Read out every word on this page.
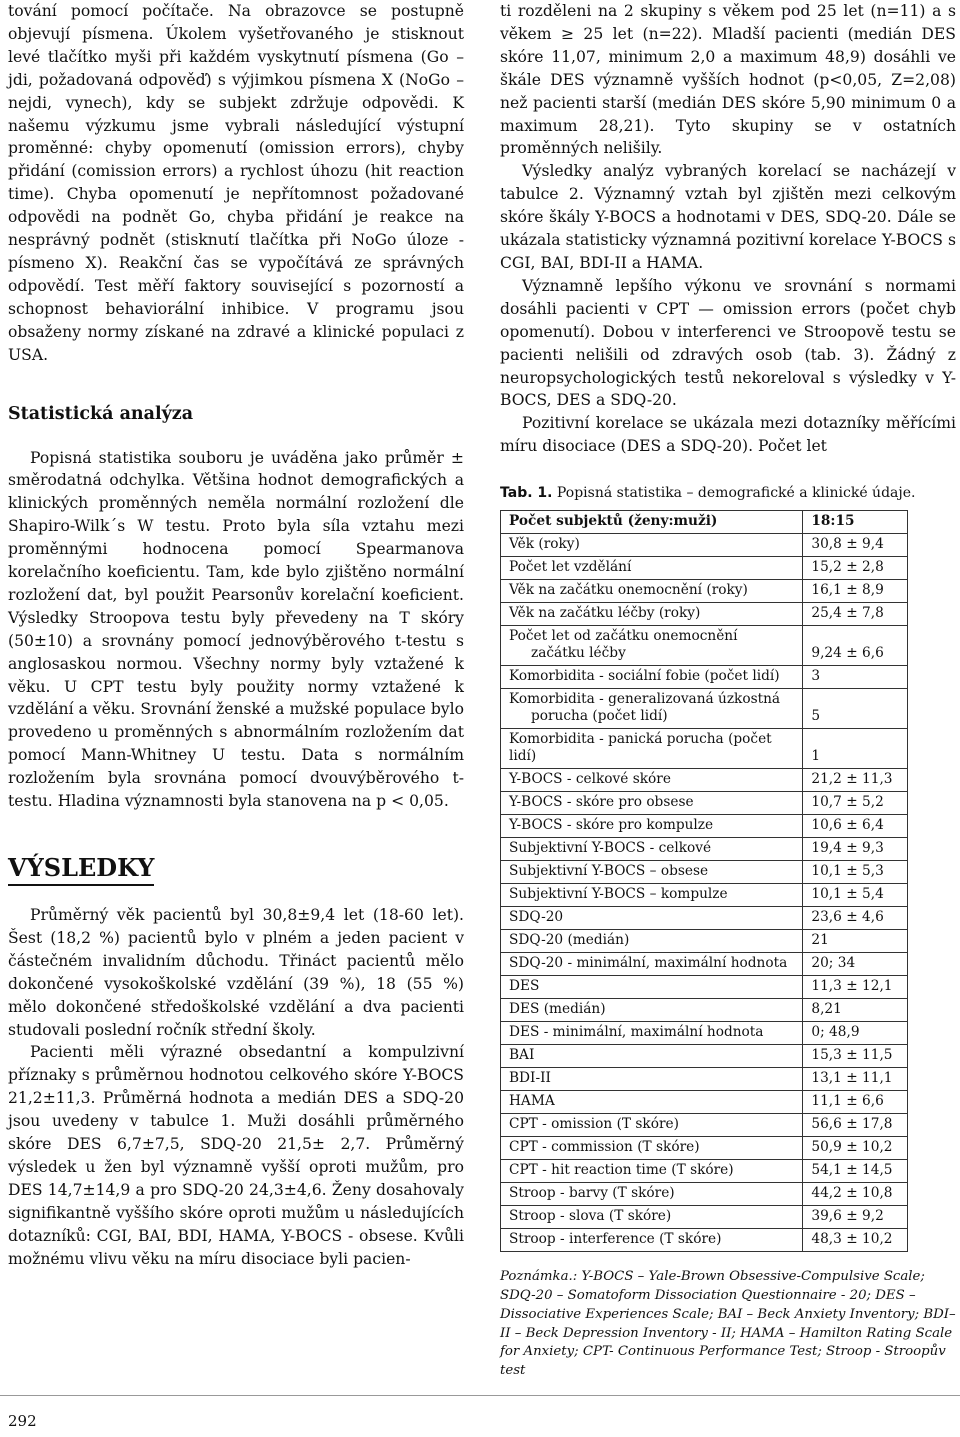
tování pomocí počítače. Na obrazovce se postupně objevují písmena. Úkolem vyšetřovaného je stisknout levé tlačítko myši při každém vyskytnutí písmena (Go – jdi, požadovaná odpověď) s výjimkou písmena X (NoGo – nejdi, vynech), kdy se subjekt zdržuje odpovědi. K našemu výzkumu jsme vybrali následující výstupní proměnné: chyby opomenutí (omission errors), chyby přidání (comission errors) a rychlost úhozu (hit reaction time). Chyba opomenutí je nepřítomnost požadované odpovědi na podnět Go, chyba přidání je reakce na nesprávný podnět (stisknutí tlačítka při NoGo úloze - písmeno X). Reakční čas se vypočítává ze správných odpovědí. Test měří faktory související s pozorností a schopnost behaviorální inhibice. V programu jsou obsaženy normy získané na zdravé a klinické populaci z USA.

Statistická analýza

Popisná statistika souboru je uváděna jako průměr ± směrodatná odchylka. Většina hodnot demografických a klinických proměnných neměla normální rozložení dle Shapiro-Wilk´s W testu. Proto byla síla vztahu mezi proměnnými hodnocena pomocí Spearmanova korelačního koeficientu. Tam, kde bylo zjištěno normální rozložení dat, byl použit Pearsonův korelační koeficient. Výsledky Stroopova testu byly převedeny na T skóry (50±10) a srovnány pomocí jednovýběrového t-testu s anglosaskou normou. Všechny normy byly vztažené k věku. U CPT testu byly použity normy vztažené k vzdělání a věku. Srovnání ženské a mužské populace bylo provedeno u proměnných s abnormálním rozložením dat pomocí Mann-Whitney U testu. Data s normálním rozložením byla srovnána pomocí dvouvýběrového t-testu. Hladina významnosti byla stanovena na p < 0,05.

VÝSLEDKY

Průměrný věk pacientů byl 30,8±9,4 let (18-60 let). Šest (18,2 %) pacientů bylo v plném a jeden pacient v částečném invalidním důchodu. Třináct pacientů mělo dokončené vysokoškolské vzdělání (39 %), 18 (55 %) mělo dokončené středoškolské vzdělání a dva pacienti studovali poslední ročník střední školy.

Pacienti měli výrazné obsedantní a kompulzivní příznaky s průměrnou hodnotou celkového skóre Y-BOCS 21,2±11,3. Průměrná hodnota a medián DES a SDQ-20 jsou uvedeny v tabulce 1. Muži dosáhli průměrného skóre DES 6,7±7,5, SDQ-20 21,5± 2,7. Průměrný výsledek u žen byl významně vyšší oproti mužům, pro DES 14,7±14,9 a pro SDQ-20 24,3±4,6. Ženy dosahovaly signifikantně vyššího skóre oproti mužům u následujících dotazníků: CGI, BAI, BDI, HAMA, Y-BOCS - obsese. Kvůli možnému vlivu věku na míru disociace byli pacien-

ti rozděleni na 2 skupiny s věkem pod 25 let (n=11) a s věkem ≥ 25 let (n=22). Mladší pacienti (medián DES skóre 11,07, minimum 2,0 a maximum 48,9) dosáhli ve škále DES významně vyšších hodnot (p<0,05, Z=2,08) než pacienti starší (medián DES skóre 5,90 minimum 0 a maximum 28,21). Tyto skupiny se v ostatních proměnných nelišily.

Výsledky analýz vybraných korelací se nacházejí v tabulce 2. Významný vztah byl zjištěn mezi celkovým skóre škály Y-BOCS a hodnotami v DES, SDQ-20. Dále se ukázala statisticky významná pozitivní korelace Y-BOCS s CGI, BAI, BDI-II a HAMA.

Významně lepšího výkonu ve srovnání s normami dosáhli pacienti v CPT — omission errors (počet chyb opomenutí). Dobou v interferenci ve Stroopově testu se pacienti nelišili od zdravých osob (tab. 3). Žádný z neuropsychologických testů nekoreloval s výsledky v Y-BOCS, DES a SDQ-20.

Pozitivní korelace se ukázala mezi dotazníky měřícími míru disociace (DES a SDQ-20). Počet let

Tab. 1. Popisná statistika – demografické a klinické údaje.
Počet subjektů (ženy:muži)	18:15
Věk (roky)	30,8 ± 9,4
Počet let vzdělání	15,2 ± 2,8
Věk na začátku onemocnění (roky)	16,1 ± 8,9
Věk na začátku léčby (roky)	25,4 ± 7,8
Počet let od začátku onemocnění
začátku léčby	9,24 ± 6,6
Komorbidita - sociální fobie (počet lidí)	3
Komorbidita - generalizovaná úzkostná
porucha (počet lidí)	5
Komorbidita - panická porucha (počet lidí)	1
Y-BOCS - celkové skóre	21,2 ± 11,3
Y-BOCS - skóre pro obsese	10,7 ± 5,2
Y-BOCS - skóre pro kompulze	10,6 ± 6,4
Subjektivní Y-BOCS - celkové	19,4 ± 9,3
Subjektivní Y-BOCS – obsese	10,1 ± 5,3
Subjektivní Y-BOCS – kompulze	10,1 ± 5,4
SDQ-20	23,6 ± 4,6
SDQ-20 (medián)	21
SDQ-20 - minimální, maximální hodnota	20; 34
DES	11,3 ± 12,1
DES (medián)	8,21
DES - minimální, maximální hodnota	0; 48,9
BAI	15,3 ± 11,5
BDI-II	13,1 ± 11,1
HAMA	11,1 ± 6,6
CPT - omission (T skóre)	56,6 ± 17,8
CPT - commission (T skóre)	50,9 ± 10,2
CPT - hit reaction time (T skóre)	54,1 ± 14,5
Stroop - barvy (T skóre)	44,2 ± 10,8
Stroop - slova (T skóre)	39,6 ± 9,2
Stroop - interference (T skóre)	48,3 ± 10,2

Poznámka.: Y-BOCS – Yale-Brown Obsessive-Compulsive Scale; SDQ-20 – Somatoform Dissociation Questionnaire - 20; DES – Dissociative Experiences Scale; BAI – Beck Anxiety Inventory; BDI–II – Beck Depression Inventory - II; HAMA – Hamilton Rating Scale for Anxiety; CPT- Continuous Performance Test; Stroop - Stroopův test

292
